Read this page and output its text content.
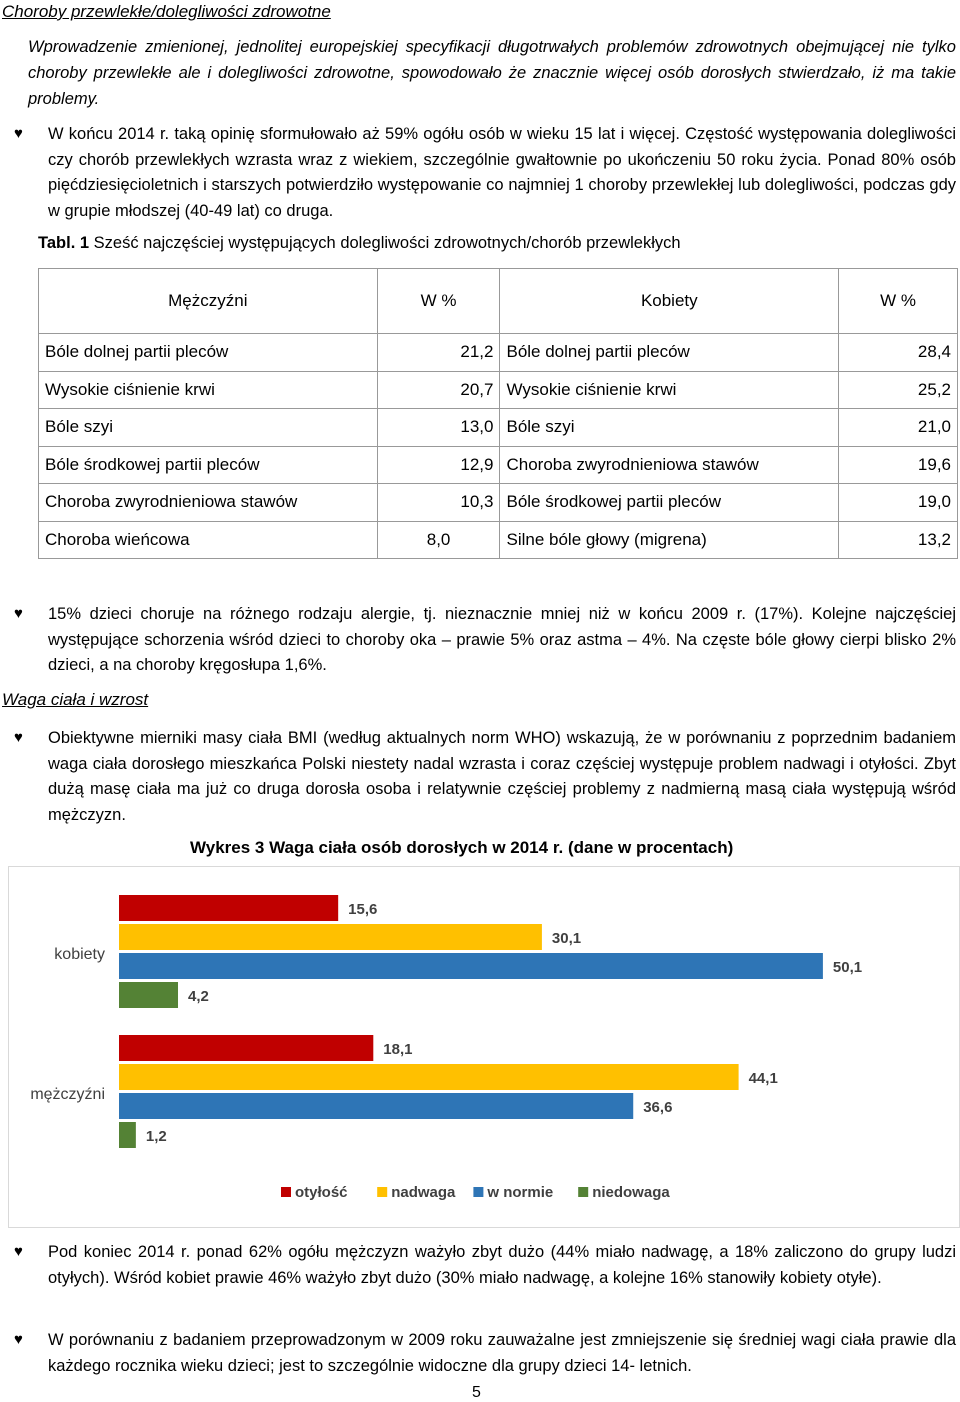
Choroby przewlekłe/dolegliwości zdrowotne
Wprowadzenie zmienionej, jednolitej europejskiej specyfikacji długotrwałych problemów zdrowotnych obejmującej nie tylko choroby przewlekłe ale i dolegliwości zdrowotne, spowodowało że znacznie więcej osób dorosłych stwierdzało, iż ma takie problemy.
♥ W końcu 2014 r. taką opinię sformułowało aż 59% ogółu osób w wieku 15 lat i więcej. Częstość występowania dolegliwości czy chorób przewlekłych wzrasta wraz z wiekiem, szczególnie gwałtownie po ukończeniu 50 roku życia. Ponad 80% osób pięćdziesięcioletnich i starszych potwierdziło występowanie co najmniej 1 choroby przewlekłej lub dolegliwości, podczas gdy w grupie młodszej (40-49 lat) co druga.
Tabl. 1 Sześć najczęściej występujących dolegliwości zdrowotnych/chorób przewlekłych
Mężczyźni	W %	Kobiety	W %
Bóle dolnej partii pleców	21,2	Bóle dolnej partii pleców	28,4
Wysokie ciśnienie krwi	20,7	Wysokie ciśnienie krwi	25,2
Bóle szyi	13,0	Bóle szyi	21,0
Bóle środkowej partii pleców	12,9	Choroba zwyrodnieniowa stawów	19,6
Choroba zwyrodnieniowa stawów	10,3	Bóle środkowej partii pleców	19,0
Choroba wieńcowa	8,0	Silne bóle głowy (migrena)	13,2
♥ 15% dzieci choruje na różnego rodzaju alergie, tj. nieznacznie mniej niż w końcu 2009 r. (17%). Kolejne najczęściej występujące schorzenia wśród dzieci to choroby oka – prawie 5% oraz astma – 4%. Na częste bóle głowy cierpi blisko 2% dzieci, a na choroby kręgosłupa 1,6%.
Waga ciała i wzrost
♥ Obiektywne mierniki masy ciała BMI (według aktualnych norm WHO) wskazują, że w porównaniu z poprzednim badaniem waga ciała dorosłego mieszkańca Polski niestety nadal wzrasta i coraz częściej występuje problem nadwagi i otyłości. Zbyt dużą masę ciała ma już co druga dorosła osoba i relatywnie częściej problemy z nadmierną masą ciała występują wśród mężczyzn.
Wykres 3 Waga ciała osób dorosłych w 2014 r. (dane w procentach)
kobiety
15,6
30,1
50,1
4,2
mężczyźni
18,1
44,1
36,6
1,2
otyłość	nadwaga w normie	niedowaga
♥ Pod koniec 2014 r. ponad 62% ogółu mężczyzn ważyło zbyt dużo (44% miało nadwagę, a 18% zaliczono do grupy ludzi otyłych). Wśród kobiet prawie 46% ważyło zbyt dużo (30% miało nadwagę, a kolejne 16% stanowiły kobiety otyłe).
♥ W porównaniu z badaniem przeprowadzonym w 2009 roku zauważalne jest zmniejszenie się średniej wagi ciała prawie dla każdego rocznika wieku dzieci; jest to szczególnie widoczne dla grupy dzieci 14- letnich.
5
